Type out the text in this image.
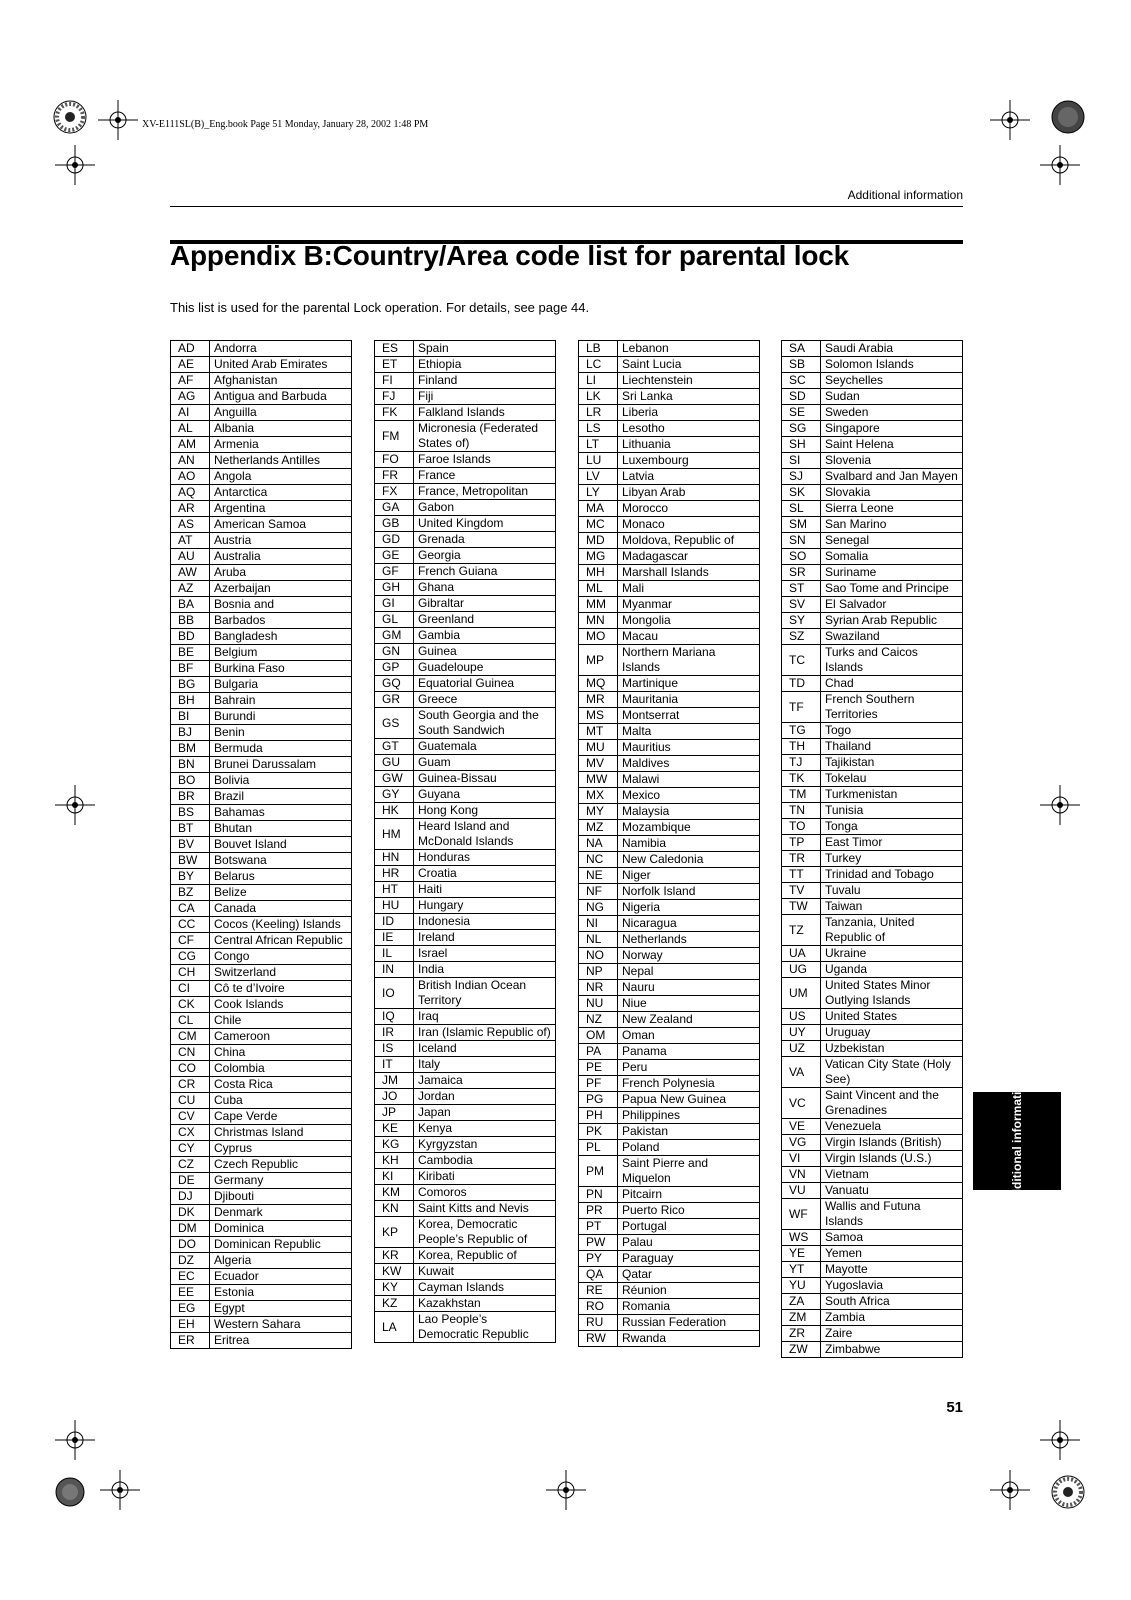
XV-E111SL(B)_Eng.book Page 51 Monday, January 28, 2002 1:48 PM
Additional information
Appendix B:Country/Area code list for parental lock

This list is used for the parental Lock operation. For details, see page 44.

AD	Andorra
AE	United Arab Emirates
AF	Afghanistan
AG	Antigua and Barbuda
AI	Anguilla
AL	Albania
AM	Armenia
AN	Netherlands Antilles
AO	Angola
AQ	Antarctica
AR	Argentina
AS	American Samoa
AT	Austria
AU	Australia
AW	Aruba
AZ	Azerbaijan
BA	Bosnia and
BB	Barbados
BD	Bangladesh
BE	Belgium
BF	Burkina Faso
BG	Bulgaria
BH	Bahrain
BI	Burundi
BJ	Benin
BM	Bermuda
BN	Brunei Darussalam
BO	Bolivia
BR	Brazil
BS	Bahamas
BT	Bhutan
BV	Bouvet Island
BW	Botswana
BY	Belarus
BZ	Belize
CA	Canada
CC	Cocos (Keeling) Islands
CF	Central African Republic
CG	Congo
CH	Switzerland
CI	Cô te d’Ivoire
CK	Cook Islands
CL	Chile
CM	Cameroon
CN	China
CO	Colombia
CR	Costa Rica
CU	Cuba
CV	Cape Verde
CX	Christmas Island
CY	Cyprus
CZ	Czech Republic
DE	Germany
DJ	Djibouti
DK	Denmark
DM	Dominica
DO	Dominican Republic
DZ	Algeria
EC	Ecuador
EE	Estonia
EG	Egypt
EH	Western Sahara
ER	Eritrea
ES	Spain
ET	Ethiopia
FI	Finland
FJ	Fiji
FK	Falkland Islands
FM	Micronesia (Federated States of)
FO	Faroe Islands
FR	France
FX	France, Metropolitan
GA	Gabon
GB	United Kingdom
GD	Grenada
GE	Georgia
GF	French Guiana
GH	Ghana
GI	Gibraltar
GL	Greenland
GM	Gambia
GN	Guinea
GP	Guadeloupe
GQ	Equatorial Guinea
GR	Greece
GS	South Georgia and the South Sandwich
GT	Guatemala
GU	Guam
GW	Guinea-Bissau
GY	Guyana
HK	Hong Kong
HM	Heard Island and McDonald Islands
HN	Honduras
HR	Croatia
HT	Haiti
HU	Hungary
ID	Indonesia
IE	Ireland
IL	Israel
IN	India
IO	British Indian Ocean Territory
IQ	Iraq
IR	Iran (Islamic Republic of)
IS	Iceland
IT	Italy
JM	Jamaica
JO	Jordan
JP	Japan
KE	Kenya
KG	Kyrgyzstan
KH	Cambodia
KI	Kiribati
KM	Comoros
KN	Saint Kitts and Nevis
KP	Korea, Democratic People’s Republic of
KR	Korea, Republic of
KW	Kuwait
KY	Cayman Islands
KZ	Kazakhstan
LA	Lao People’s Democratic Republic
LB	Lebanon
LC	Saint Lucia
LI	Liechtenstein
LK	Sri Lanka
LR	Liberia
LS	Lesotho
LT	Lithuania
LU	Luxembourg
LV	Latvia
LY	Libyan Arab
MA	Morocco
MC	Monaco
MD	Moldova, Republic of
MG	Madagascar
MH	Marshall Islands
ML	Mali
MM	Myanmar
MN	Mongolia
MO	Macau
MP	Northern Mariana Islands
MQ	Martinique
MR	Mauritania
MS	Montserrat
MT	Malta
MU	Mauritius
MV	Maldives
MW	Malawi
MX	Mexico
MY	Malaysia
MZ	Mozambique
NA	Namibia
NC	New Caledonia
NE	Niger
NF	Norfolk Island
NG	Nigeria
NI	Nicaragua
NL	Netherlands
NO	Norway
NP	Nepal
NR	Nauru
NU	Niue
NZ	New Zealand
OM	Oman
PA	Panama
PE	Peru
PF	French Polynesia
PG	Papua New Guinea
PH	Philippines
PK	Pakistan
PL	Poland
PM	Saint Pierre and Miquelon
PN	Pitcairn
PR	Puerto Rico
PT	Portugal
PW	Palau
PY	Paraguay
QA	Qatar
RE	Réunion
RO	Romania
RU	Russian Federation
RW	Rwanda
SA	Saudi Arabia
SB	Solomon Islands
SC	Seychelles
SD	Sudan
SE	Sweden
SG	Singapore
SH	Saint Helena
SI	Slovenia
SJ	Svalbard and Jan Mayen
SK	Slovakia
SL	Sierra Leone
SM	San Marino
SN	Senegal
SO	Somalia
SR	Suriname
ST	Sao Tome and Principe
SV	El Salvador
SY	Syrian Arab Republic
SZ	Swaziland
TC	Turks and Caicos Islands
TD	Chad
TF	French Southern Territories
TG	Togo
TH	Thailand
TJ	Tajikistan
TK	Tokelau
TM	Turkmenistan
TN	Tunisia
TO	Tonga
TP	East Timor
TR	Turkey
TT	Trinidad and Tobago
TV	Tuvalu
TW	Taiwan
TZ	Tanzania, United Republic of
UA	Ukraine
UG	Uganda
UM	United States Minor Outlying Islands
US	United States
UY	Uruguay
UZ	Uzbekistan
VA	Vatican City State (Holy See)
VC	Saint Vincent and the Grenadines
VE	Venezuela
VG	Virgin Islands (British)
VI	Virgin Islands (U.S.)
VN	Vietnam
VU	Vanuatu
WF	Wallis and Futuna Islands
WS	Samoa
YE	Yemen
YT	Mayotte
YU	Yugoslavia
ZA	South Africa
ZM	Zambia
ZR	Zaire
ZW	Zimbabwe
Additional information
51
